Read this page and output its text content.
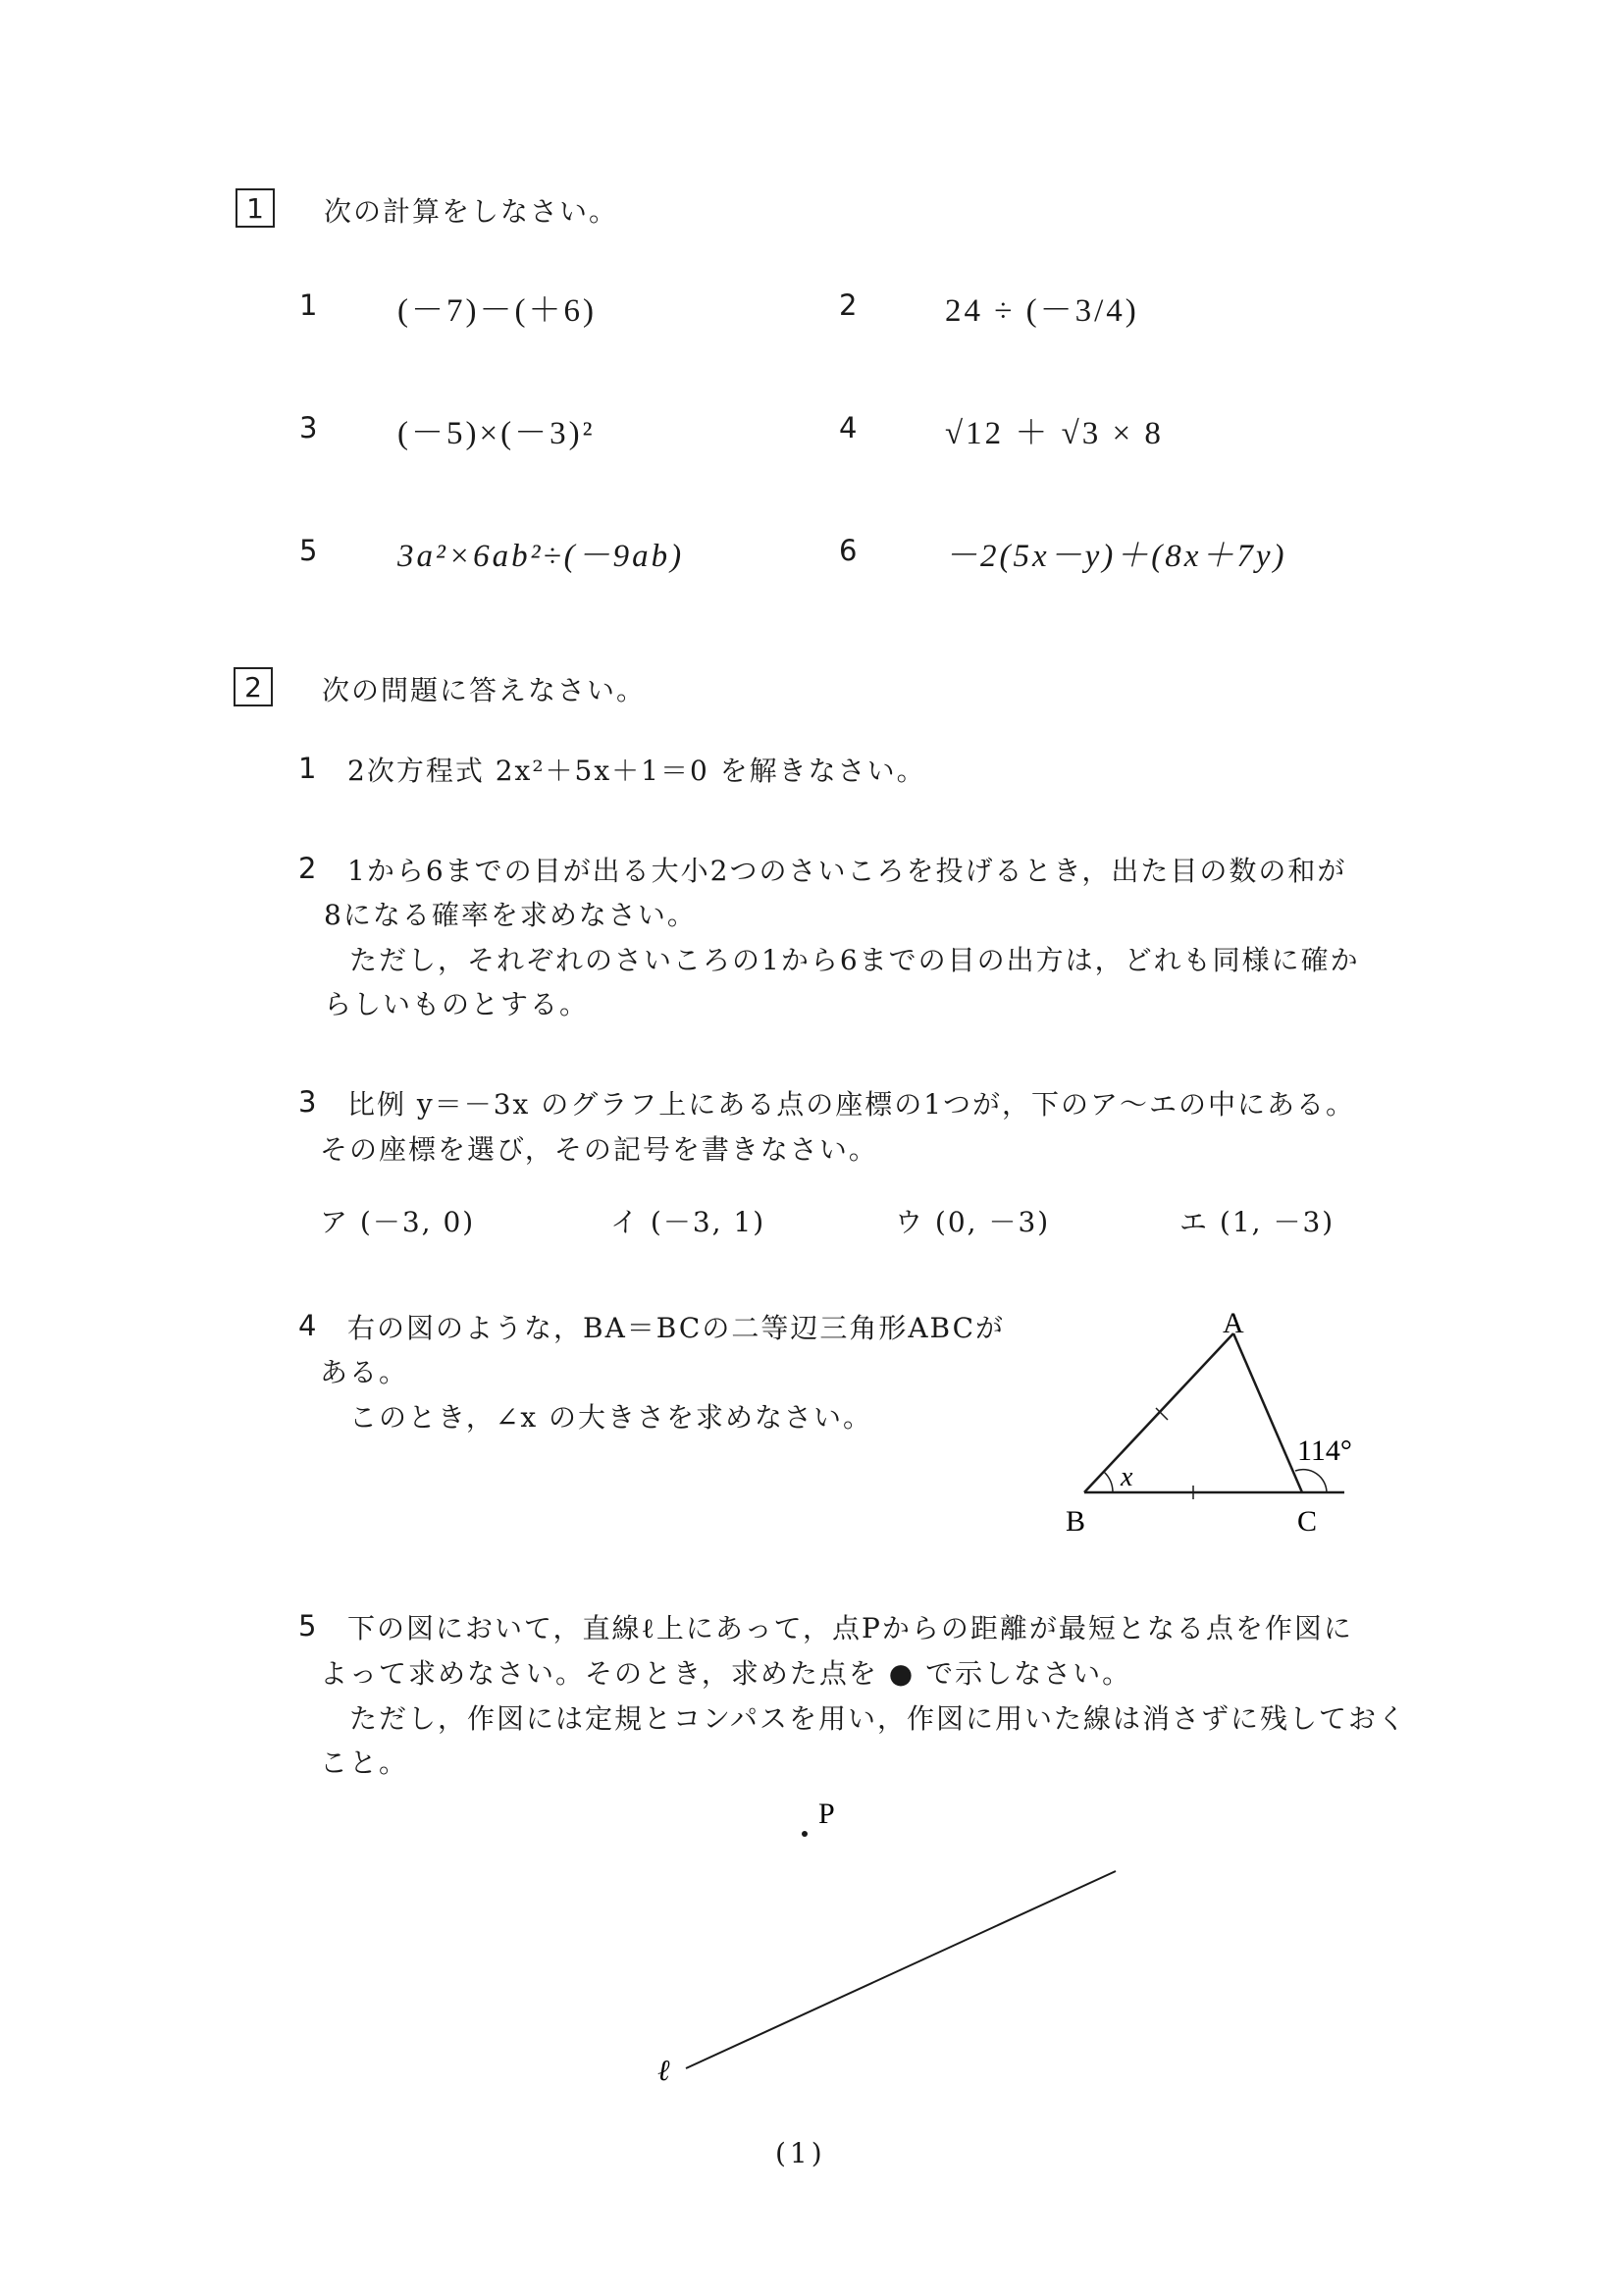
1 次の計算をしなさい。
1 (－7)－(＋6)	2	24 ÷ (－3/4)
3 (－5)×(－3)²	4	√12 ＋ √3 × 8
5 3a²×6ab²÷(－9ab)	6	－2(5x－y)＋(8x＋7y)
2 次の問題に答えなさい。
1 2次方程式 2x²＋5x＋1＝0 を解きなさい。
2 1から6までの目が出る大小2つのさいころを投げるとき，出た目の数の和が
8になる確率を求めなさい。
ただし，それぞれのさいころの1から6までの目の出方は，どれも同様に確か
らしいものとする。
3 比例 y＝－3x のグラフ上にある点の座標の1つが，下のア～エの中にある。
その座標を選び，その記号を書きなさい。
ア (－3, 0)	イ (－3, 1)	ウ (0, －3)	エ (1, －3)
4 右の図のような，BA＝BCの二等辺三角形ABCが
ある。
このとき，∠x の大きさを求めなさい。
5 下の図において，直線ℓ上にあって，点Pからの距離が最短となる点を作図に
よって求めなさい。そのとき，求めた点を ● で示しなさい。
ただし，作図には定規とコンパスを用い，作図に用いた線は消さずに残しておく
こと。
A
B	C
x
114°
P
ℓ
(1)
